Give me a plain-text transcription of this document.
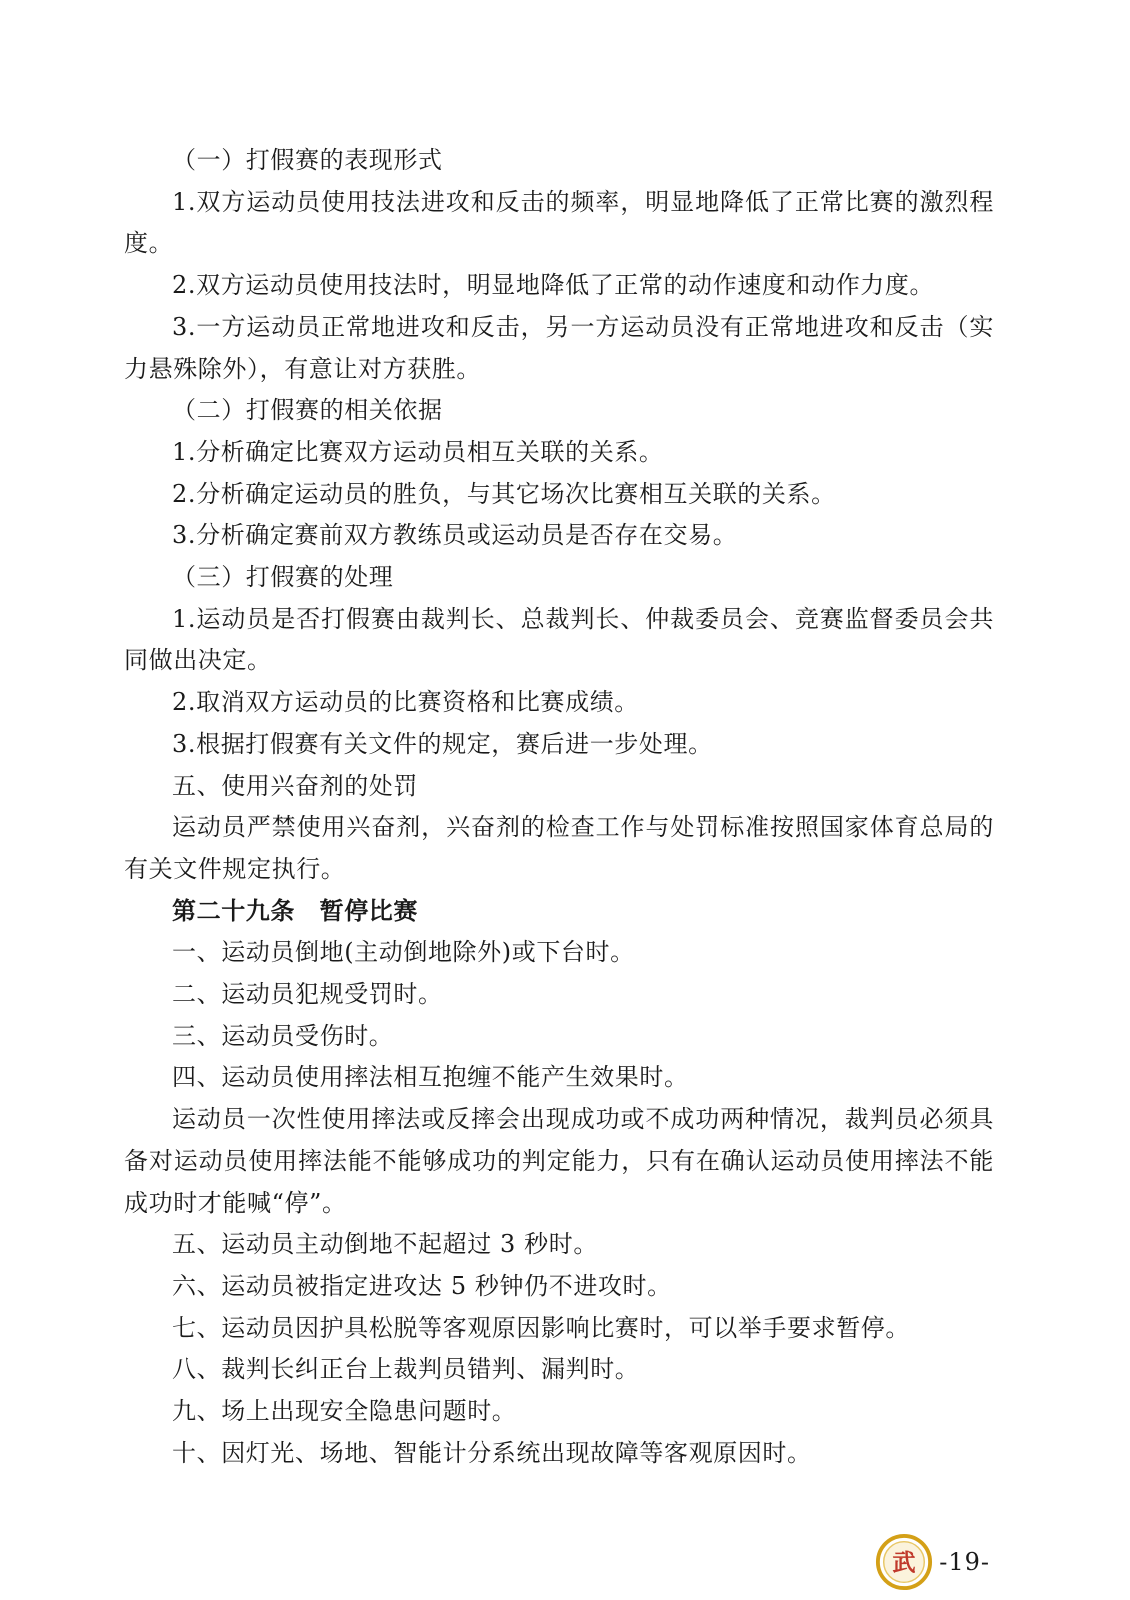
（一）打假赛的表现形式

1.双方运动员使用技法进攻和反击的频率，明显地降低了正常比赛的激烈程度。

2.双方运动员使用技法时，明显地降低了正常的动作速度和动作力度。

3.一方运动员正常地进攻和反击，另一方运动员没有正常地进攻和反击（实力悬殊除外），有意让对方获胜。

（二）打假赛的相关依据

1.分析确定比赛双方运动员相互关联的关系。

2.分析确定运动员的胜负，与其它场次比赛相互关联的关系。

3.分析确定赛前双方教练员或运动员是否存在交易。

（三）打假赛的处理

1.运动员是否打假赛由裁判长、总裁判长、仲裁委员会、竞赛监督委员会共同做出决定。

2.取消双方运动员的比赛资格和比赛成绩。

3.根据打假赛有关文件的规定，赛后进一步处理。

五、使用兴奋剂的处罚

运动员严禁使用兴奋剂，兴奋剂的检查工作与处罚标准按照国家体育总局的有关文件规定执行。

第二十九条　暂停比赛

一、运动员倒地(主动倒地除外)或下台时。

二、运动员犯规受罚时。

三、运动员受伤时。

四、运动员使用摔法相互抱缠不能产生效果时。

运动员一次性使用摔法或反摔会出现成功或不成功两种情况，裁判员必须具备对运动员使用摔法能不能够成功的判定能力，只有在确认运动员使用摔法不能成功时才能喊“停”。

五、运动员主动倒地不起超过 3 秒时。

六、运动员被指定进攻达 5 秒钟仍不进攻时。

七、运动员因护具松脱等客观原因影响比赛时，可以举手要求暂停。

八、裁判长纠正台上裁判员错判、漏判时。

九、场上出现安全隐患问题时。

十、因灯光、场地、智能计分系统出现故障等客观原因时。

武 -19-
